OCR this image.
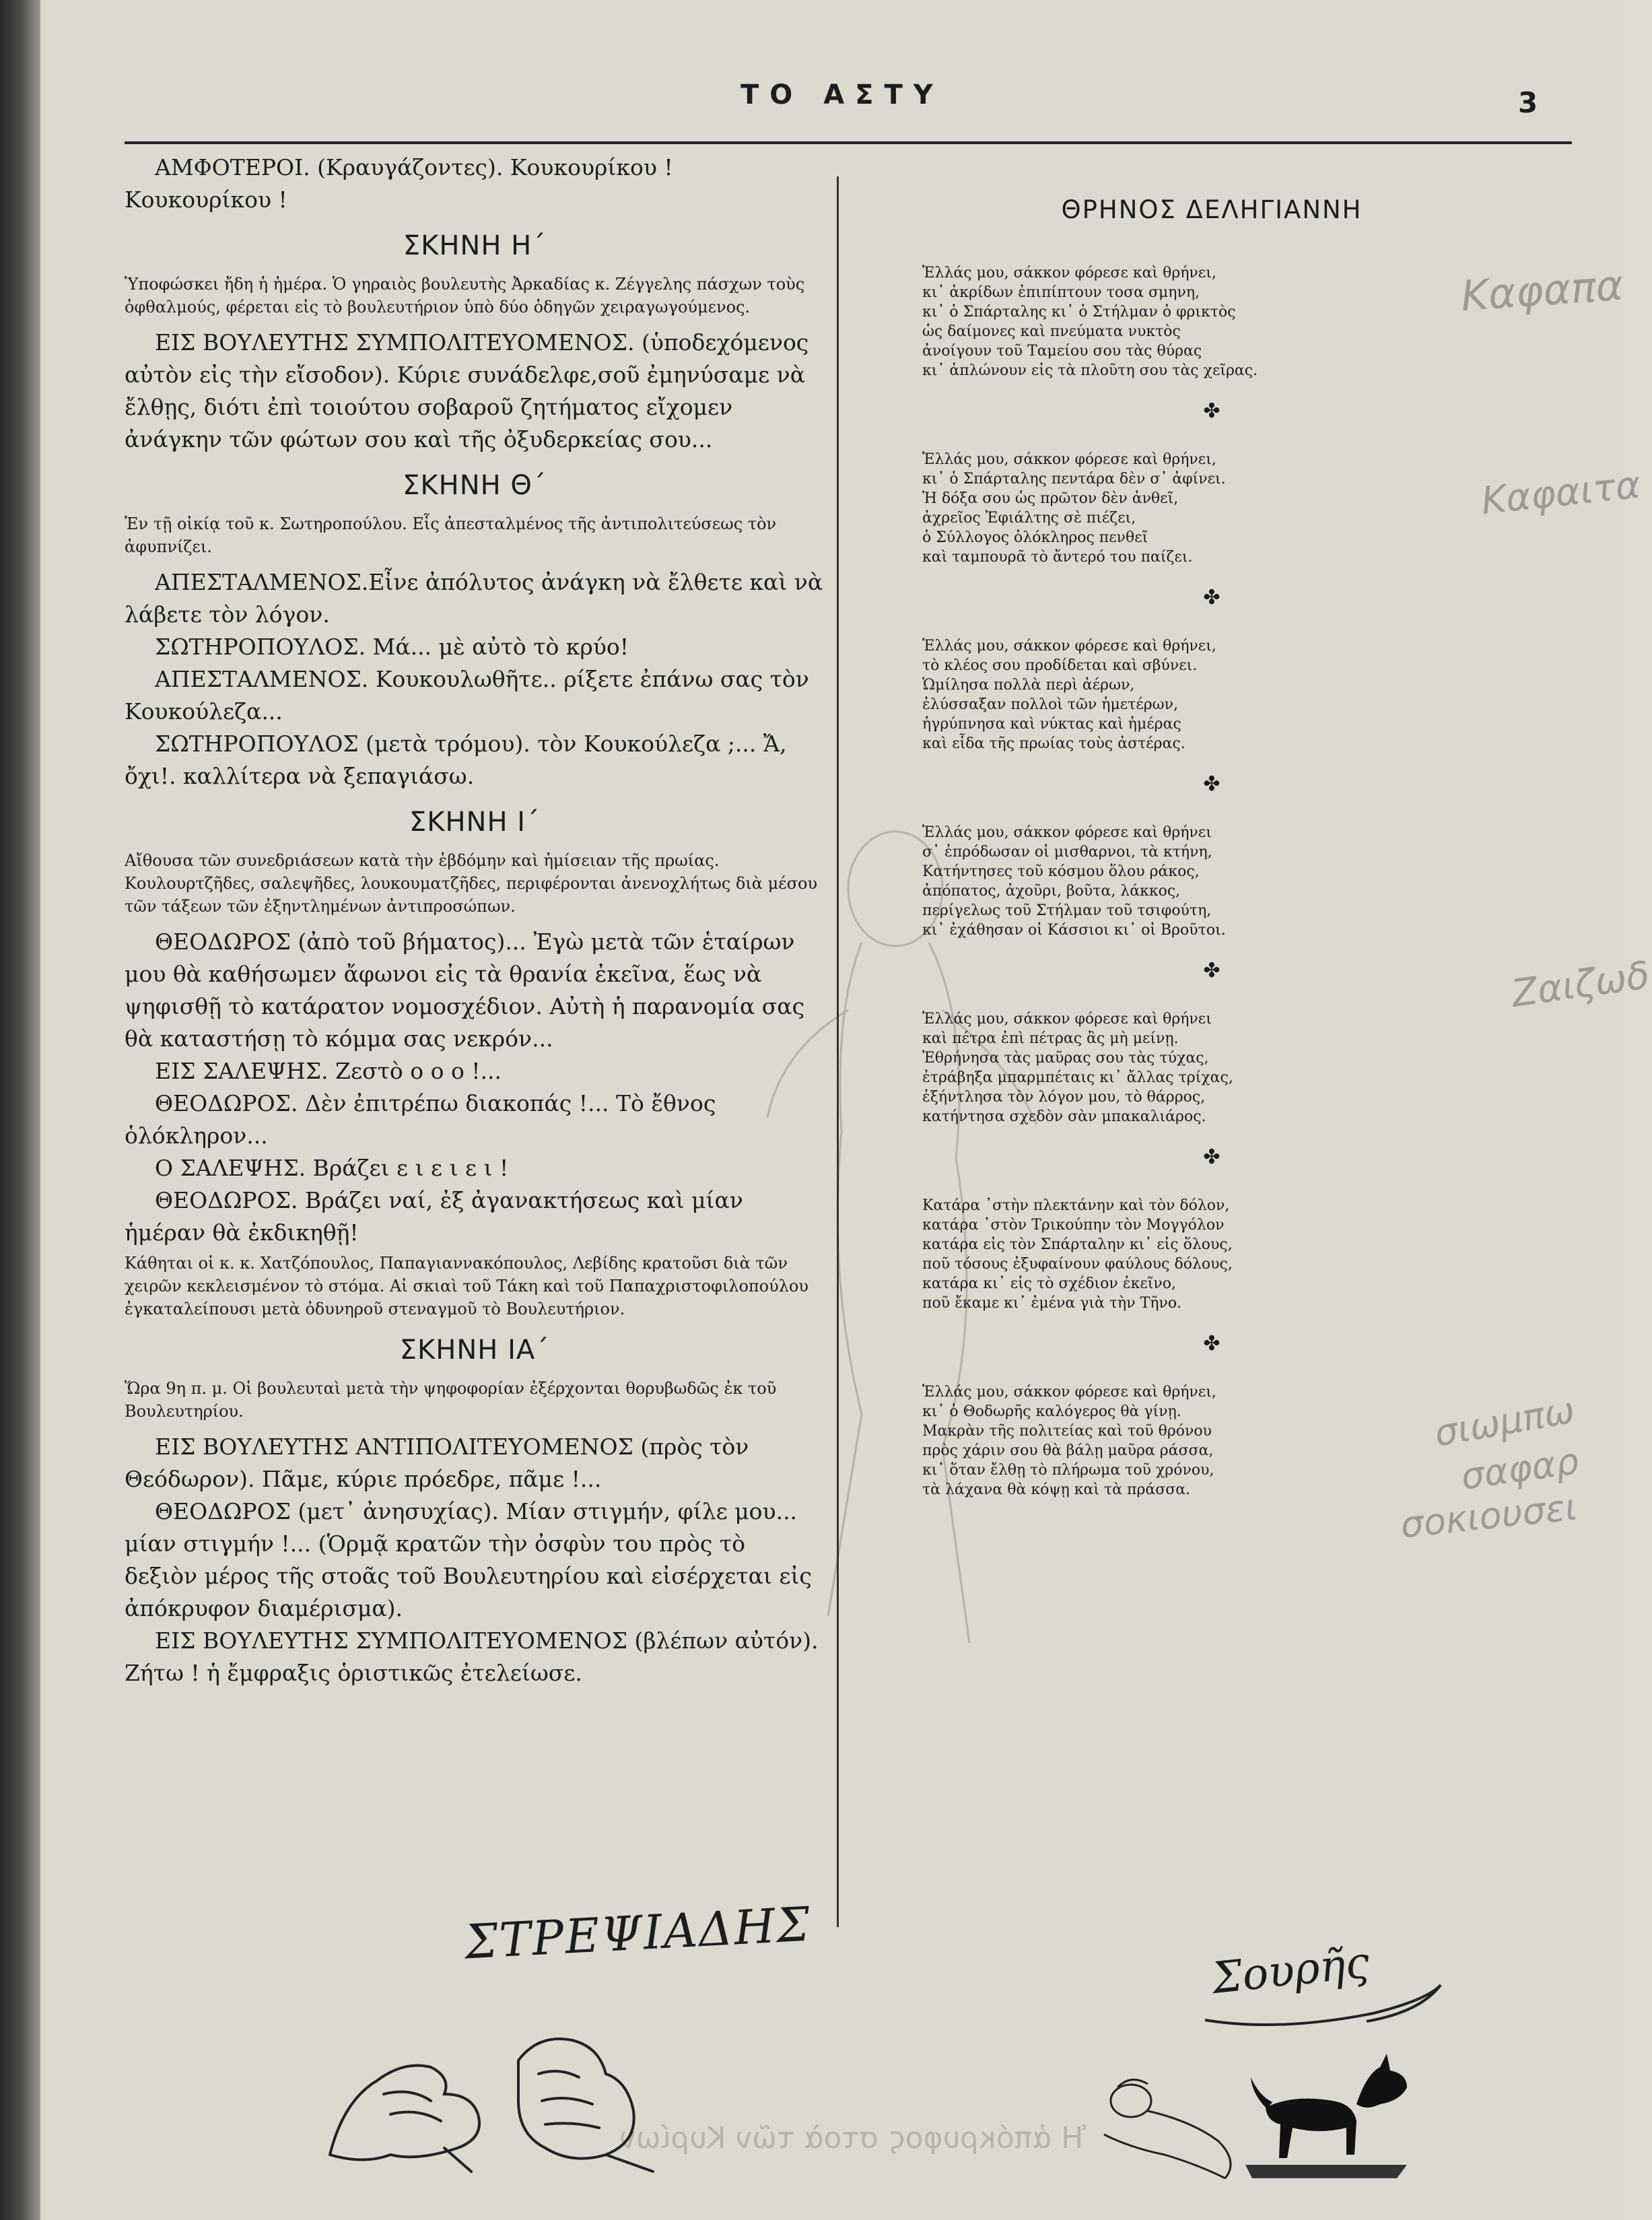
Καφαπα
Καφαιτα
Ζαιζωδ
σιωμπω
σαφαρ
σοκιουσει
Ἡ ἀπόκρυφος στοὰ τῶν Κυρίων
ΤΟ ΑΣΤΥ	3

ΑΜΦΟΤΕΡΟΙ. (Κραυγάζοντες). Κουκουρίκου ! Κουκουρίκου !

ΣΚΗΝΗ Η΄

Ὑποφώσκει ἤδη ἡ ἡμέρα. Ὁ γηραιὸς βουλευτὴς Ἀρκαδίας κ. Ζέγγελης πάσχων τοὺς ὀφθαλμούς, φέρεται εἰς τὸ βουλευτήριον ὑπὸ δύο ὁδηγῶν χειραγωγούμενος.

ΕΙΣ ΒΟΥΛΕΥΤΗΣ ΣΥΜΠΟΛΙΤΕΥΟΜΕΝΟΣ. (ὑποδεχόμενος αὐτὸν εἰς τὴν εἴσοδον). Κύριε συνάδελφε,σοῦ ἐμηνύσαμε νὰ ἔλθῃς, διότι ἐπὶ τοιούτου σοβαροῦ ζητήματος εἴχομεν ἀνάγκην τῶν φώτων σου καὶ τῆς ὀξυδερκείας σου...

ΣΚΗΝΗ Θ΄

Ἐν τῇ οἰκίᾳ τοῦ κ. Σωτηροπούλου. Εἷς ἀπεσταλμένος τῆς ἀντιπολιτεύσεως τὸν ἀφυπνίζει.

ΑΠΕΣΤΑΛΜΕΝΟΣ.Εἶνε ἀπόλυτος ἀνάγκη νὰ ἔλθετε καὶ νὰ λάβετε τὸν λόγον.

ΣΩΤΗΡΟΠΟΥΛΟΣ. Μά... μὲ αὐτὸ τὸ κρύο!

ΑΠΕΣΤΑΛΜΕΝΟΣ. Κουκουλωθῆτε.. ρίξετε ἐπάνω σας τὸν Κουκούλεζα...

ΣΩΤΗΡΟΠΟΥΛΟΣ (μετὰ τρόμου). τὸν Κουκούλεζα ;... Ἄ, ὄχι!. καλλίτερα νὰ ξεπαγιάσω.

ΣΚΗΝΗ Ι΄

Αἴθουσα τῶν συνεδριάσεων κατὰ τὴν ἑβδόμην καὶ ἡμίσειαν τῆς πρωίας. Κουλουρτζῆδες, σαλεψῆδες, λουκουματζῆδες, περιφέρονται ἀνενοχλήτως διὰ μέσου τῶν τάξεων τῶν ἐξηντλημένων ἀντιπροσώπων.

ΘΕΟΔΩΡΟΣ (ἀπὸ τοῦ βήματος)... Ἐγὼ μετὰ τῶν ἑταίρων μου θὰ καθήσωμεν ἄφωνοι εἰς τὰ θρανία ἐκεῖνα, ἕως νὰ ψηφισθῇ τὸ κατάρατον νομοσχέδιον. Αὐτὴ ἡ παρανομία σας θὰ καταστήσῃ τὸ κόμμα σας νεκρόν...

ΕΙΣ ΣΑΛΕΨΗΣ. Ζεστὸ ο ο ο !...

ΘΕΟΔΩΡΟΣ. Δὲν ἐπιτρέπω διακοπάς !... Τὸ ἔθνος ὁλόκληρον...

Ο ΣΑΛΕΨΗΣ. Βράζει ε ι ε ι ε ι !

ΘΕΟΔΩΡΟΣ. Βράζει ναί, ἐξ ἀγανακτήσεως καὶ μίαν ἡμέραν θὰ ἐκδικηθῇ!

Κάθηται οἱ κ. κ. Χατζόπουλος, Παπαγιαννακόπουλος, Λεβίδης κρατοῦσι διὰ τῶν χειρῶν κεκλεισμένον τὸ στόμα. Αἱ σκιαὶ τοῦ Τάκη καὶ τοῦ Παπαχριστοφιλοπούλου ἐγκαταλείπουσι μετὰ ὀδυνηροῦ στεναγμοῦ τὸ Βουλευτήριον.

ΣΚΗΝΗ ΙΑ΄

Ὥρα 9η π. μ. Οἱ βουλευταὶ μετὰ τὴν ψηφοφορίαν ἐξέρχονται θορυβωδῶς ἐκ τοῦ Βουλευτηρίου.

ΕΙΣ ΒΟΥΛΕΥΤΗΣ ΑΝΤΙΠΟΛΙΤΕΥΟΜΕΝΟΣ (πρὸς τὸν Θεόδωρον). Πᾶμε, κύριε πρόεδρε, πᾶμε !...

ΘΕΟΔΩΡΟΣ (μετ᾽ ἀνησυχίας). Μίαν στιγμήν, φίλε μου... μίαν στιγμήν !... (Ὁρμᾷ κρατῶν τὴν ὀσφὺν του πρὸς τὸ δεξιὸν μέρος τῆς στοᾶς τοῦ Βουλευτηρίου καὶ εἰσέρχεται εἰς ἀπόκρυφον διαμέρισμα).

ΕΙΣ ΒΟΥΛΕΥΤΗΣ ΣΥΜΠΟΛΙΤΕΥΟΜΕΝΟΣ (βλέπων αὐτόν). Ζήτω ! ἡ ἔμφραξις ὁριστικῶς ἐτελείωσε.

ΣΤΡΕΨΙΑΔΗΣ
ΘΡΗΝΟΣ ΔΕΛΗΓΙΑΝΝΗ
Ἑλλάς μου, σάκκον φόρεσε καὶ θρήνει,
κι᾽ ἀκρίδων ἐπιπίπτουν τοσα σμηνη,
κι᾽ ὁ Σπάρταλης κι᾽ ὁ Στήλμαν ὁ φρικτὸς
ὡς δαίμονες καὶ πνεύματα νυκτὸς
ἀνοίγουν τοῦ Ταμείου σου τὰς θύρας
κι᾽ ἁπλώνουν εἰς τὰ πλοῦτη σου τὰς χεῖρας.
✤
Ἑλλάς μου, σάκκον φόρεσε καὶ θρήνει,
κι᾽ ὁ Σπάρταλης πεντάρα δὲν σ᾽ ἀφίνει.
Ἡ δόξα σου ὡς πρῶτον δὲν ἀνθεῖ,
ἀχρεῖος Ἐφιάλτης σὲ πιέζει,
ὁ Σύλλογος ὁλόκληρος πενθεῖ
καὶ ταμπουρᾶ τὸ ἄντερό του παίζει.
✤
Ἑλλάς μου, σάκκον φόρεσε καὶ θρήνει,
τὸ κλέος σου προδίδεται καὶ σβύνει.
Ὡμίλησα πολλὰ περὶ ἀέρων,
ἐλύσσαξαν πολλοὶ τῶν ἡμετέρων,
ἠγρύπνησα καὶ νύκτας καὶ ἡμέρας
καὶ εἶδα τῆς πρωίας τοὺς ἀστέρας.
✤
Ἑλλάς μου, σάκκον φόρεσε καὶ θρήνει
σ᾽ ἐπρόδωσαν οἱ μισθαρνοι, τὰ κτήνη,
Κατήντησες τοῦ κόσμου ὅλου ράκος,
ἀπόπατος, ἀχοῦρι, βοῦτα, λάκκος,
περίγελως τοῦ Στήλμαν τοῦ τσιφούτη,
κι᾽ ἐχάθησαν οἱ Κάσσιοι κι᾽ οἱ Βροῦτοι.
✤
Ἑλλάς μου, σάκκον φόρεσε καὶ θρήνει
καὶ πέτρα ἐπὶ πέτρας ἂς μὴ μείνῃ.
Ἐθρήνησα τὰς μαῦρας σου τὰς τύχας,
ἐτράβηξα μπαρμπέταις κι᾽ ἄλλας τρίχας,
ἐξήντλησα τὸν λόγον μου, τὸ θάρρος,
κατήντησα σχεδὸν σὰν μπακαλιάρος.
✤
Κατάρα ᾽στὴν πλεκτάνην καὶ τὸν δόλον,
κατάρα ᾽στὸν Τρικούπην τὸν Μογγόλον
κατάρα εἰς τὸν Σπάρταλην κι᾽ εἰς ὅλους,
ποῦ τόσους ἐξυφαίνουν φαύλους δόλους,
κατάρα κι᾽ εἰς τὸ σχέδιον ἐκεῖνο,
ποῦ ἔκαμε κι᾽ ἐμένα γιὰ τὴν Τῆνο.
✤
Ἑλλάς μου, σάκκον φόρεσε καὶ θρήνει,
κι᾽ ὁ Θοδωρῆς καλόγερος θὰ γίνῃ.
Μακρὰν τῆς πολιτείας καὶ τοῦ θρόνου
πρὸς χάριν σου θὰ βάλῃ μαῦρα ράσσα,
κι᾽ ὅταν ἔλθῃ τὸ πλήρωμα τοῦ χρόνου,
τὰ λάχανα θὰ κόψῃ καὶ τὰ πράσσα.
Σουρῆς
